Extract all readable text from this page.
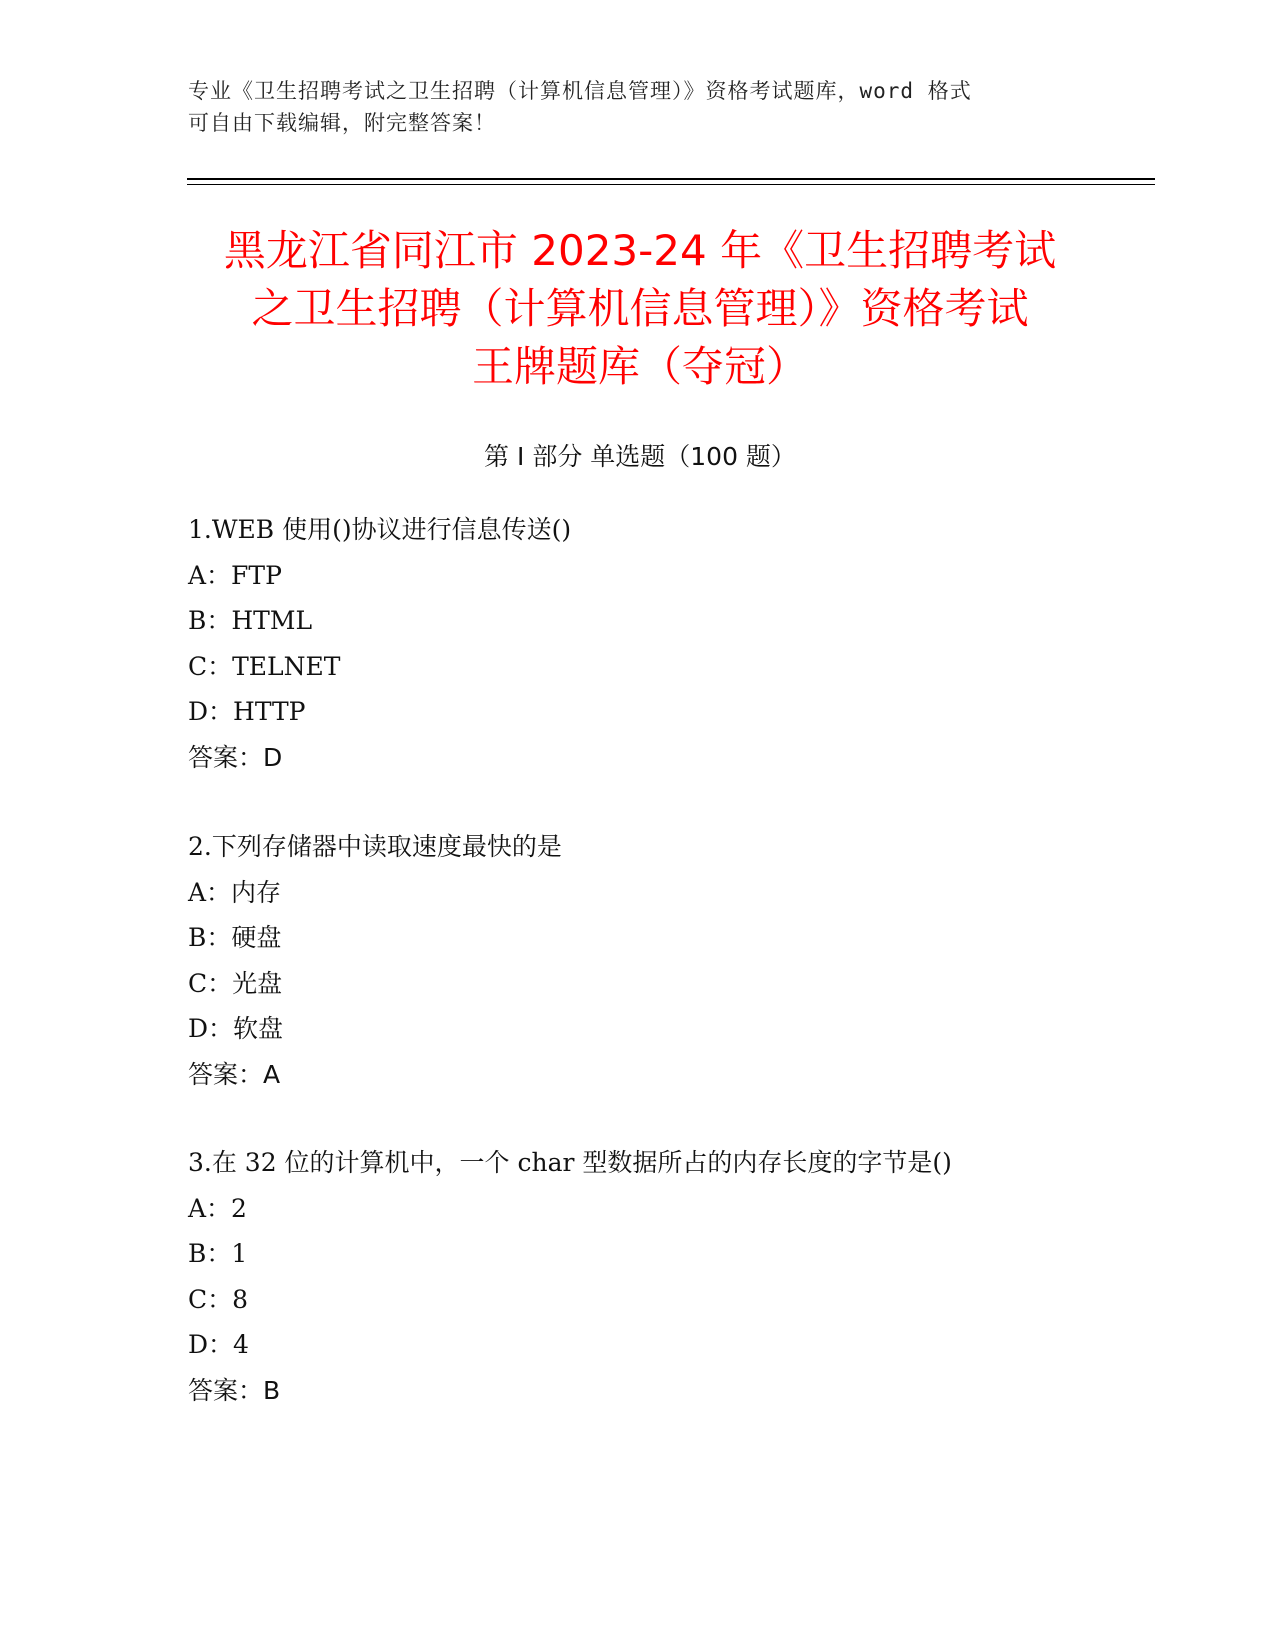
专业《卫生招聘考试之卫生招聘（计算机信息管理）》资格考试题库，word 格式
可自由下载编辑，附完整答案！
黑龙江省同江市 2023-24 年《卫生招聘考试
之卫生招聘（计算机信息管理）》资格考试
王牌题库（夺冠）
第 I 部分 单选题（100 题）
1.WEB 使用()协议进行信息传送()
A：FTP
B：HTML
C：TELNET
D：HTTP
答案：D
2.下列存储器中读取速度最快的是
A：内存
B：硬盘
C：光盘
D：软盘
答案：A
3.在 32 位的计算机中，一个 char 型数据所占的内存长度的字节是()
A：2
B：1
C：8
D：4
答案：B
